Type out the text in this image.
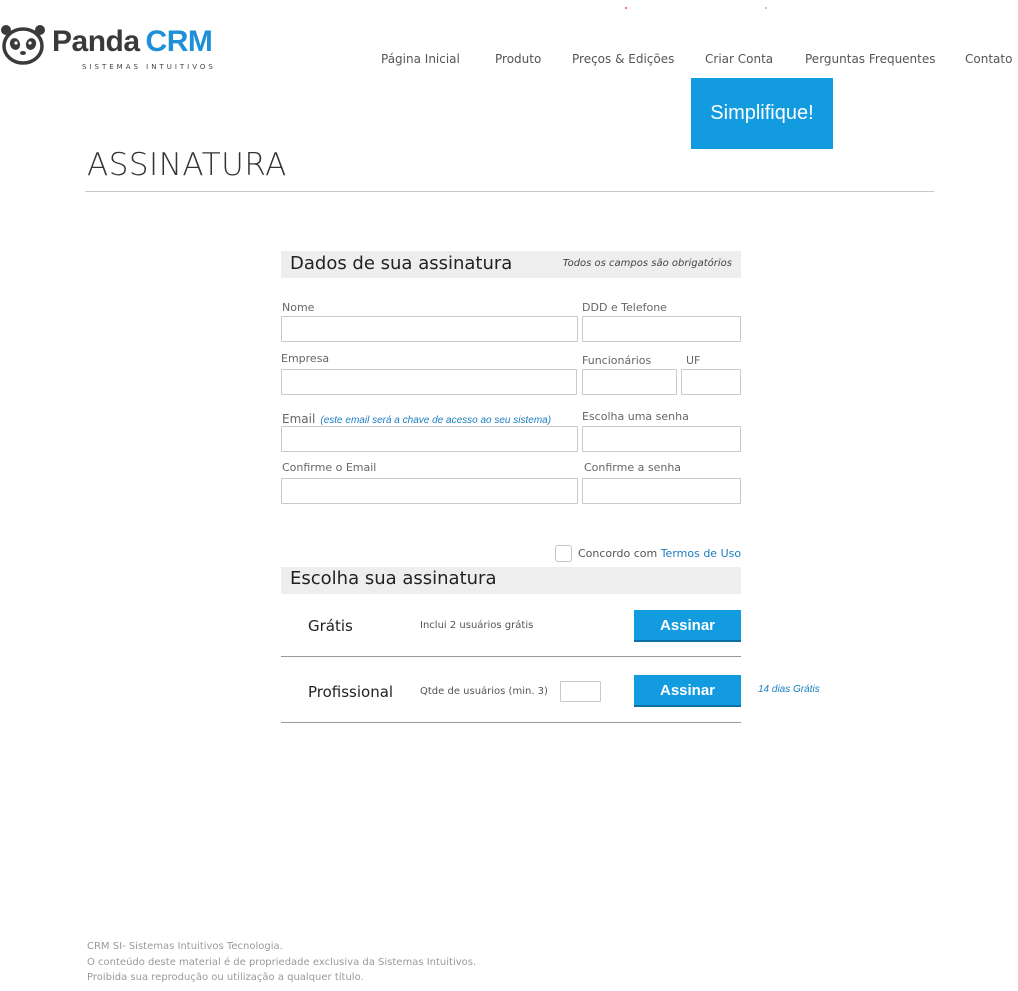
Panda CRM
SISTEMAS INTUITIVOS
Página Inicial	Produto	Preços & Edições	Criar Conta	Perguntas Frequentes Contato
Simplifique!
ASSINATURA
Dados de sua assinatura	Todos os campos são obrigatórios
Nome	DDD e Telefone
Empresa	Funcionários	UF
Email (este email será a chave de acesso ao seu sistema)	Escolha uma senha
Confirme o Email	Confirme a senha
Concordo com Termos de Uso
Escolha sua assinatura
Grátis	Inclui 2 usuários grátis	Assinar
Profissional	Qtde de usuários (min. 3)	Assinar	14 dias Grátis
CRM SI- Sistemas Intuitivos Tecnologia.
O conteúdo deste material é de propriedade exclusiva da Sistemas Intuitivos.
Proibida sua reprodução ou utilização a qualquer título.
